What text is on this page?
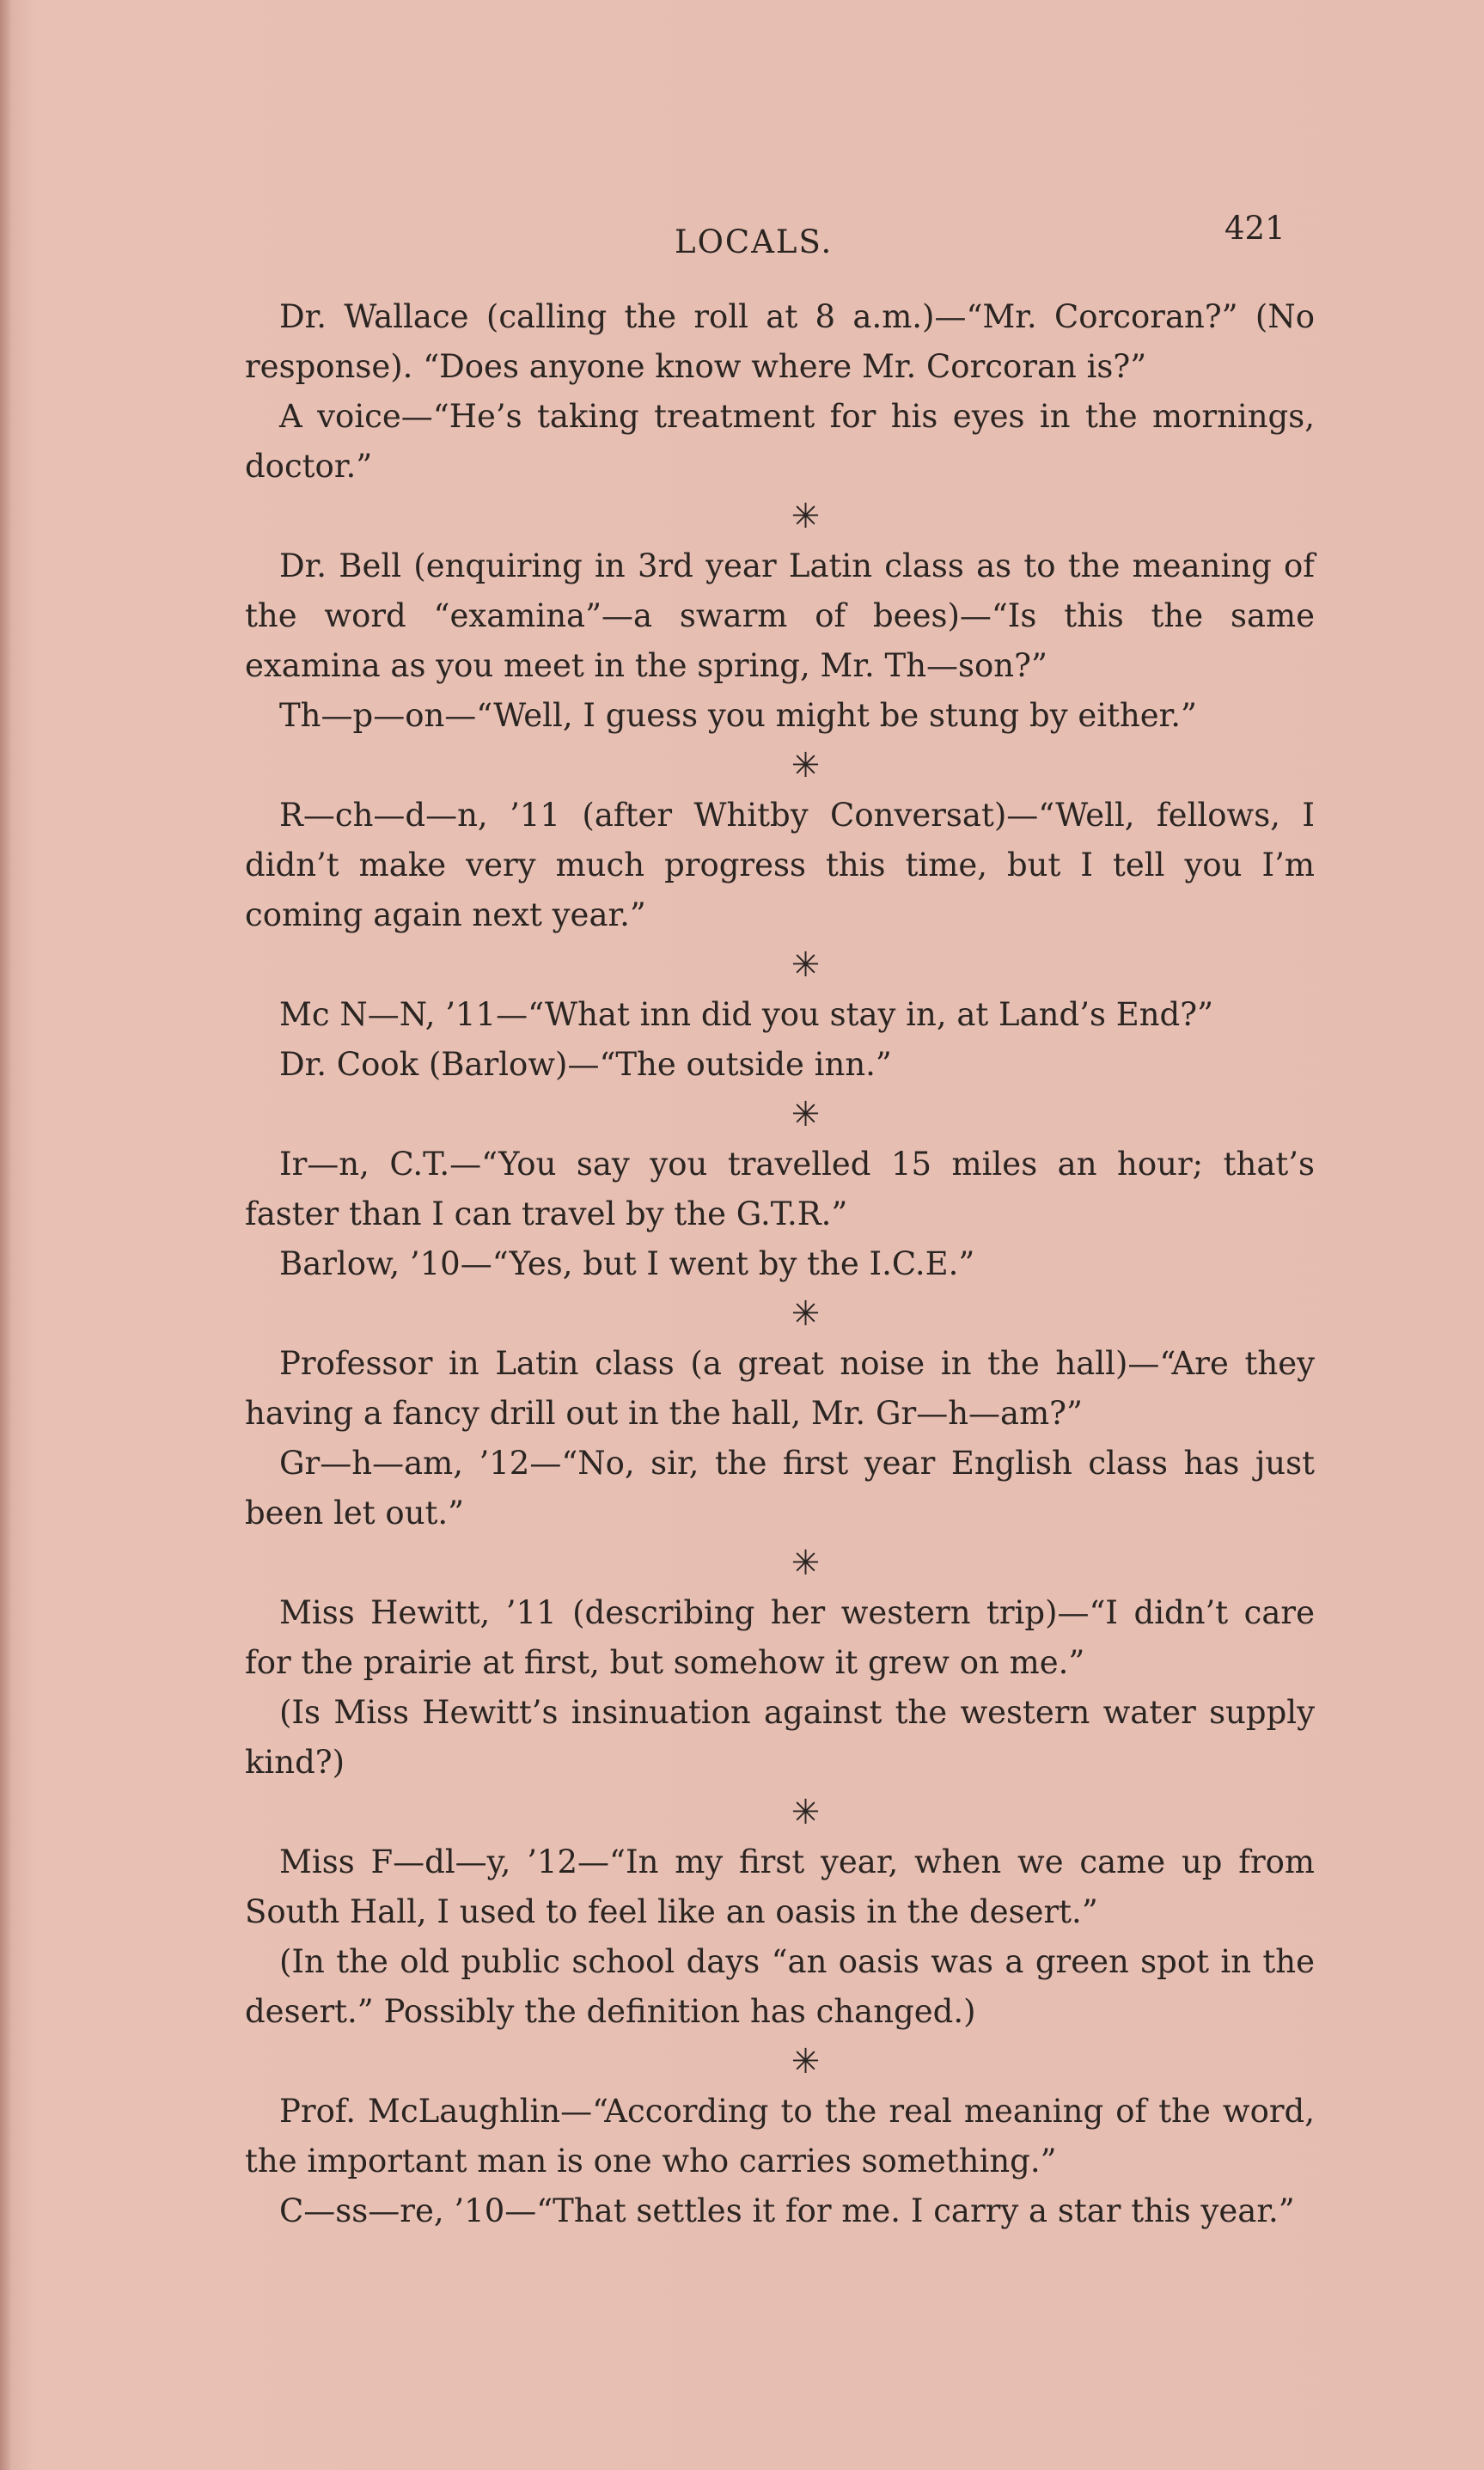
LOCALS.	421

Dr. Wallace (calling the roll at 8 a.m.)—“Mr. Corcoran?” (No response). “Does anyone know where Mr. Corcoran is?”

A voice—“He’s taking treatment for his eyes in the mornings, doctor.”

✳

Dr. Bell (enquiring in 3rd year Latin class as to the meaning of the word “examina”—a swarm of bees)—“Is this the same examina as you meet in the spring, Mr. Th—son?”

Th—p—on—“Well, I guess you might be stung by either.”

✳

R—ch—d—n, ’11 (after Whitby Conversat)—“Well, fellows, I didn’t make very much progress this time, but I tell you I’m coming again next year.”

✳

Mc N—N, ’11—“What inn did you stay in, at Land’s End?”

Dr. Cook (Barlow)—“The outside inn.”

✳

Ir—n, C.T.—“You say you travelled 15 miles an hour; that’s faster than I can travel by the G.T.R.”

Barlow, ’10—“Yes, but I went by the I.C.E.”

✳

Professor in Latin class (a great noise in the hall)—“Are they having a fancy drill out in the hall, Mr. Gr—h—am?”

Gr—h—am, ’12—“No, sir, the first year English class has just been let out.”

✳

Miss Hewitt, ’11 (describing her western trip)—“I didn’t care for the prairie at first, but somehow it grew on me.”

(Is Miss Hewitt’s insinuation against the western water supply kind?)

✳

Miss F—dl—y, ’12—“In my first year, when we came up from South Hall, I used to feel like an oasis in the desert.”

(In the old public school days “an oasis was a green spot in the desert.” Possibly the definition has changed.)

✳

Prof. McLaughlin—“According to the real meaning of the word, the important man is one who carries something.”

C—ss—re, ’10—“That settles it for me. I carry a star this year.”
